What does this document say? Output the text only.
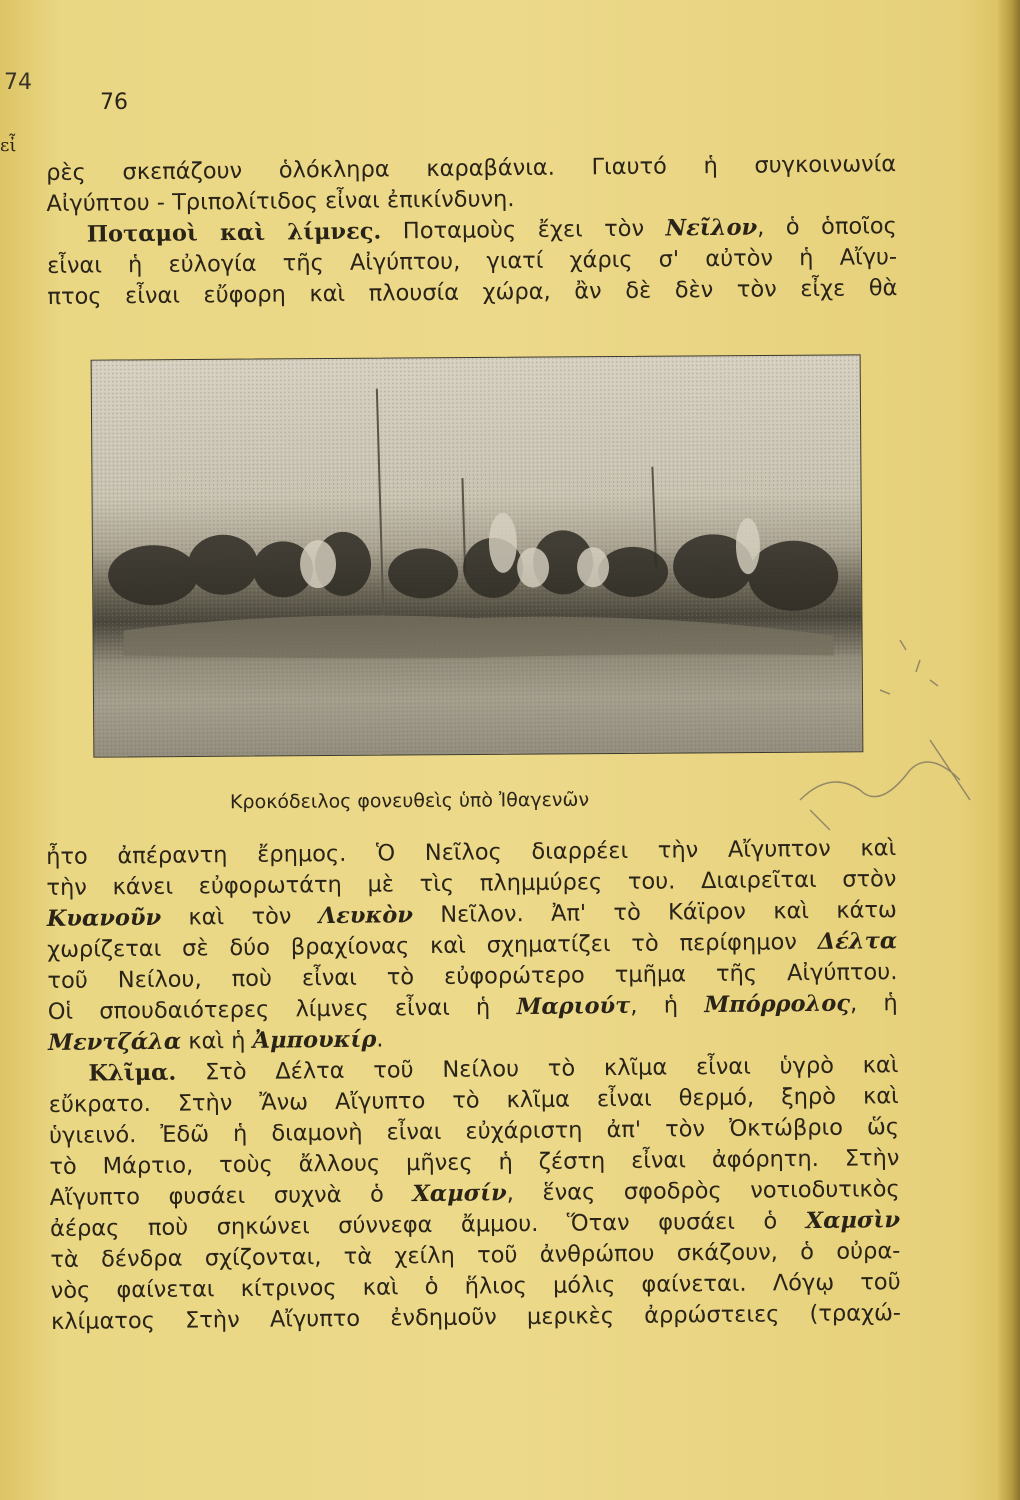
74
76
εἶ
ρὲς σκεπάζουν ὁλόκληρα καραβάνια. Γιαυτό ἡ συγκοινωνία
Αἰγύπτου - Τριπολίτιδος εἶναι ἐπικίνδυνη.
Ποταμοὶ καὶ λίμνες. Ποταμοὺς ἔχει τὸν Νεῖλον, ὁ ὁποῖος
εἶναι ἡ εὐλογία τῆς Αἰγύπτου, γιατί χάρις σ' αὐτὸν ἡ Αἴγυ-
πτος εἶναι εὔφορη καὶ πλουσία χώρα, ἂν δὲ δὲν τὸν εἶχε θὰ
Κροκόδειλος φονευθεὶς ὑπὸ Ἰθαγενῶν
ἦτο ἀπέραντη ἔρημος. Ὁ Νεῖλος διαρρέει τὴν Αἴγυπτον καὶ
τὴν κάνει εὐφορωτάτη μὲ τὶς πλημμύρες του. Διαιρεῖται στὸν
Κυανοῦν καὶ τὸν Λευκὸν Νεῖλον. Ἀπ' τὸ Κάϊρον καὶ κάτω
χωρίζεται σὲ δύο βραχίονας καὶ σχηματίζει τὸ περίφημον Δέλτα
τοῦ Νείλου, ποὺ εἶναι τὸ εὐφορώτερο τμῆμα τῆς Αἰγύπτου.
Οἱ σπουδαιότερες λίμνες εἶναι ἡ Μαριούτ, ἡ Μπόρρολος, ἡ
Μεντζάλα καὶ ἡ Ἀμπουκίρ.
Κλῖμα. Στὸ Δέλτα τοῦ Νείλου τὸ κλῖμα εἶναι ὑγρὸ καὶ
εὔκρατο. Στὴν Ἄνω Αἴγυπτο τὸ κλῖμα εἶναι θερμό, ξηρὸ καὶ
ὑγιεινό. Ἐδῶ ἡ διαμονὴ εἶναι εὐχάριστη ἀπ' τὸν Ὀκτώβριο ὥς
τὸ Μάρτιο, τοὺς ἄλλους μῆνες ἡ ζέστη εἶναι ἀφόρητη. Στὴν
Αἴγυπτο φυσάει συχνὰ ὁ Χαμσίν, ἕνας σφοδρὸς νοτιοδυτικὸς
ἀέρας ποὺ σηκώνει σύννεφα ἄμμου. Ὅταν φυσάει ὁ Χαμσὶν
τὰ δένδρα σχίζονται, τὰ χείλη τοῦ ἀνθρώπου σκάζουν, ὁ οὐρα-
νὸς φαίνεται κίτρινος καὶ ὁ ἥλιος μόλις φαίνεται. Λόγῳ τοῦ
κλίματος Στὴν Αἴγυπτο ἐνδημοῦν μερικὲς ἀρρώστειες (τραχώ-
